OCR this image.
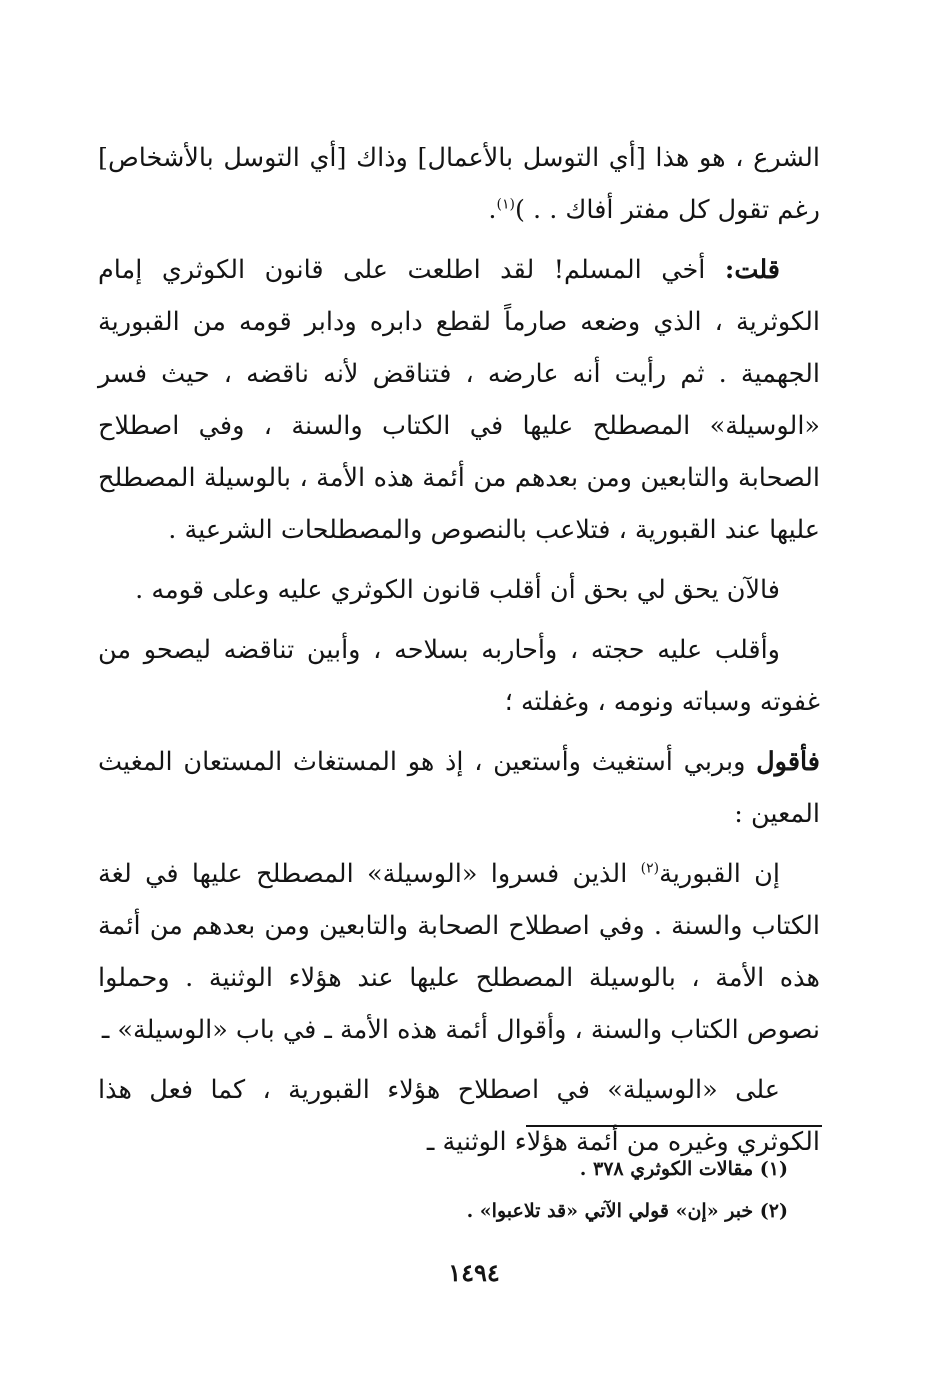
الشرع ، هو هذا [أي التوسل بالأعمال] وذاك [أي التوسل بالأشخاص] رغم تقول كل مفتر أفاك . . )$^{(١)}$.

قلت: أخي المسلم! لقد اطلعت على قانون الكوثري إمام الكوثرية ، الذي وضعه صارماً لقطع دابره ودابر قومه من القبورية الجهمية . ثم رأيت أنه عارضه ، فتناقض لأنه ناقضه ، حيث فسر «الوسيلة» المصطلح عليها في الكتاب والسنة ، وفي اصطلاح الصحابة والتابعين ومن بعدهم من أئمة هذه الأمة ، بالوسيلة المصطلح عليها عند القبورية ، فتلاعب بالنصوص والمصطلحات الشرعية .

فالآن يحق لي بحق أن أقلب قانون الكوثري عليه وعلى قومه .

وأقلب عليه حجته ، وأحاربه بسلاحه ، وأبين تناقضه ليصحو من غفوته وسباته ونومه ، وغفلته ؛

فأقول وبربي أستغيث وأستعين ، إذ هو المستغاث المستعان المغيث المعين :

إن القبورية$^{(٢)}$ الذين فسروا «الوسيلة» المصطلح عليها في لغة الكتاب والسنة . وفي اصطلاح الصحابة والتابعين ومن بعدهم من أئمة هذه الأمة ، بالوسيلة المصطلح عليها عند هؤلاء الوثنية . وحملوا نصوص الكتاب والسنة ، وأقوال أئمة هذه الأمة ـ في باب «الوسيلة» ـ

على «الوسيلة» في اصطلاح هؤلاء القبورية ، كما فعل هذا الكوثري وغيره من أئمة هؤلاء الوثنية ـ

(١) مقالات الكوثري ٣٧٨ .
(٢) خبر «إن» قولي الآتي «قد تلاعبوا» .
١٤٩٤
